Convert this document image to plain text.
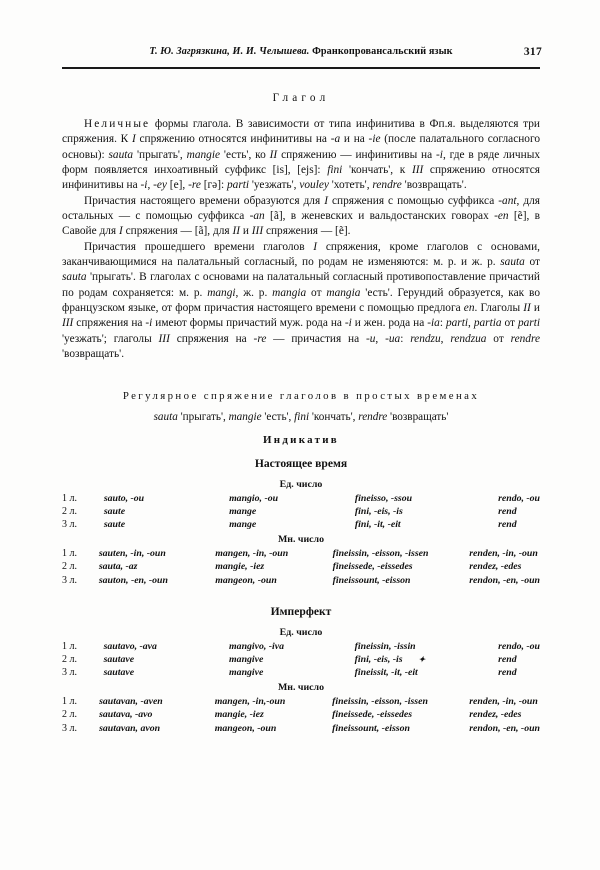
Т. Ю. Загрязкина, И. И. Челышева.
Франкопровансальский язык	317
Глагол

Неличные формы глагола. В зависимости от типа инфинитива в Фп.я. выделяются три спряжения. К I спряжению относятся инфинитивы на -a и на -ie (после палатального согласного основы): sauta 'прыгать', mangie 'есть', ко II спряжению — инфинитивы на -i, где в ряде личных форм появляется инхоативный суффикс [is], [ejs]: fini 'кончать', к III спряжению относятся инфинитивы на -i, -ey [e], -re [гə]: parti 'уезжать', vouley 'хотеть', rendre 'возвращать'.

Причастия настоящего времени образуются для I спряжения с помощью суффикса -ant, для остальных — с помощью суффикса -an [ã], в женевских и вальдостанских говорах -en [ẽ], в Савойе для I спряжения — [ã], для II и III спряжения — [ẽ].

Причастия прошедшего времени глаголов I спряжения, кроме глаголов с основами, заканчивающимися на палатальный согласный, по родам не изменяются: м. р. и ж. р. sauta от sauta 'прыгать'. В глаголах с основами на палатальный согласный противопоставление причастий по родам сохраняется: м. р. mangi, ж. р. mangia от mangia 'есть'. Герундий образуется, как во французском языке, от форм причастия настоящего времени с помощью предлога en. Глаголы II и III спряжения на -i имеют формы причастий муж. рода на -i и жен. рода на -ia: parti, partia от parti 'уезжать'; глаголы III спряжения на -re — причастия на -u, -ua: rendzu, rendzua от rendre 'возвращать'.

Регулярное спряжение глаголов в простых временах
sauta 'прыгать', mangie 'есть', fini 'кончать', rendre 'возвращать'
Индикатив
Настоящее время
Ед. число
1 л.	sauto, -ou	mangio, -ou	fineisso, -ssou	rendo, -ou
2 л.	saute	mange	fini, -eis, -is	rend
3 л.	saute	mange	fini, -it, -eit	rend
Мн. число
1 л.	sauten, -in, -oun	mangen, -in, -oun	fineissin, -eisson, -issen	renden, -in, -oun
2 л.	sauta, -az	mangie, -iez	fineissede, -eissedes	rendez, -edes
3 л.	sauton, -en, -oun	mangeon, -oun	fineissount, -eisson	rendon, -en, -oun
Имперфект
Ед. число
1 л.	sautavo, -ava	mangivo, -iva	fineissin, -issin	rendo, -ou
2 л.	sautave	mangive	fini, -eis, -is ✦	rend
3 л.	sautave	mangive	fineissit, -it, -eit	rend
Мн. число
1 л.	sautavan, -aven	mangen, -in,-oun	fineissin, -eisson, -issen	renden, -in, -oun
2 л.	sautava, -avo	mangie, -iez	fineissede, -eissedes	rendez, -edes
3 л.	sautavan, avon	mangeon, -oun	fineissount, -eisson	rendon, -en, -oun
